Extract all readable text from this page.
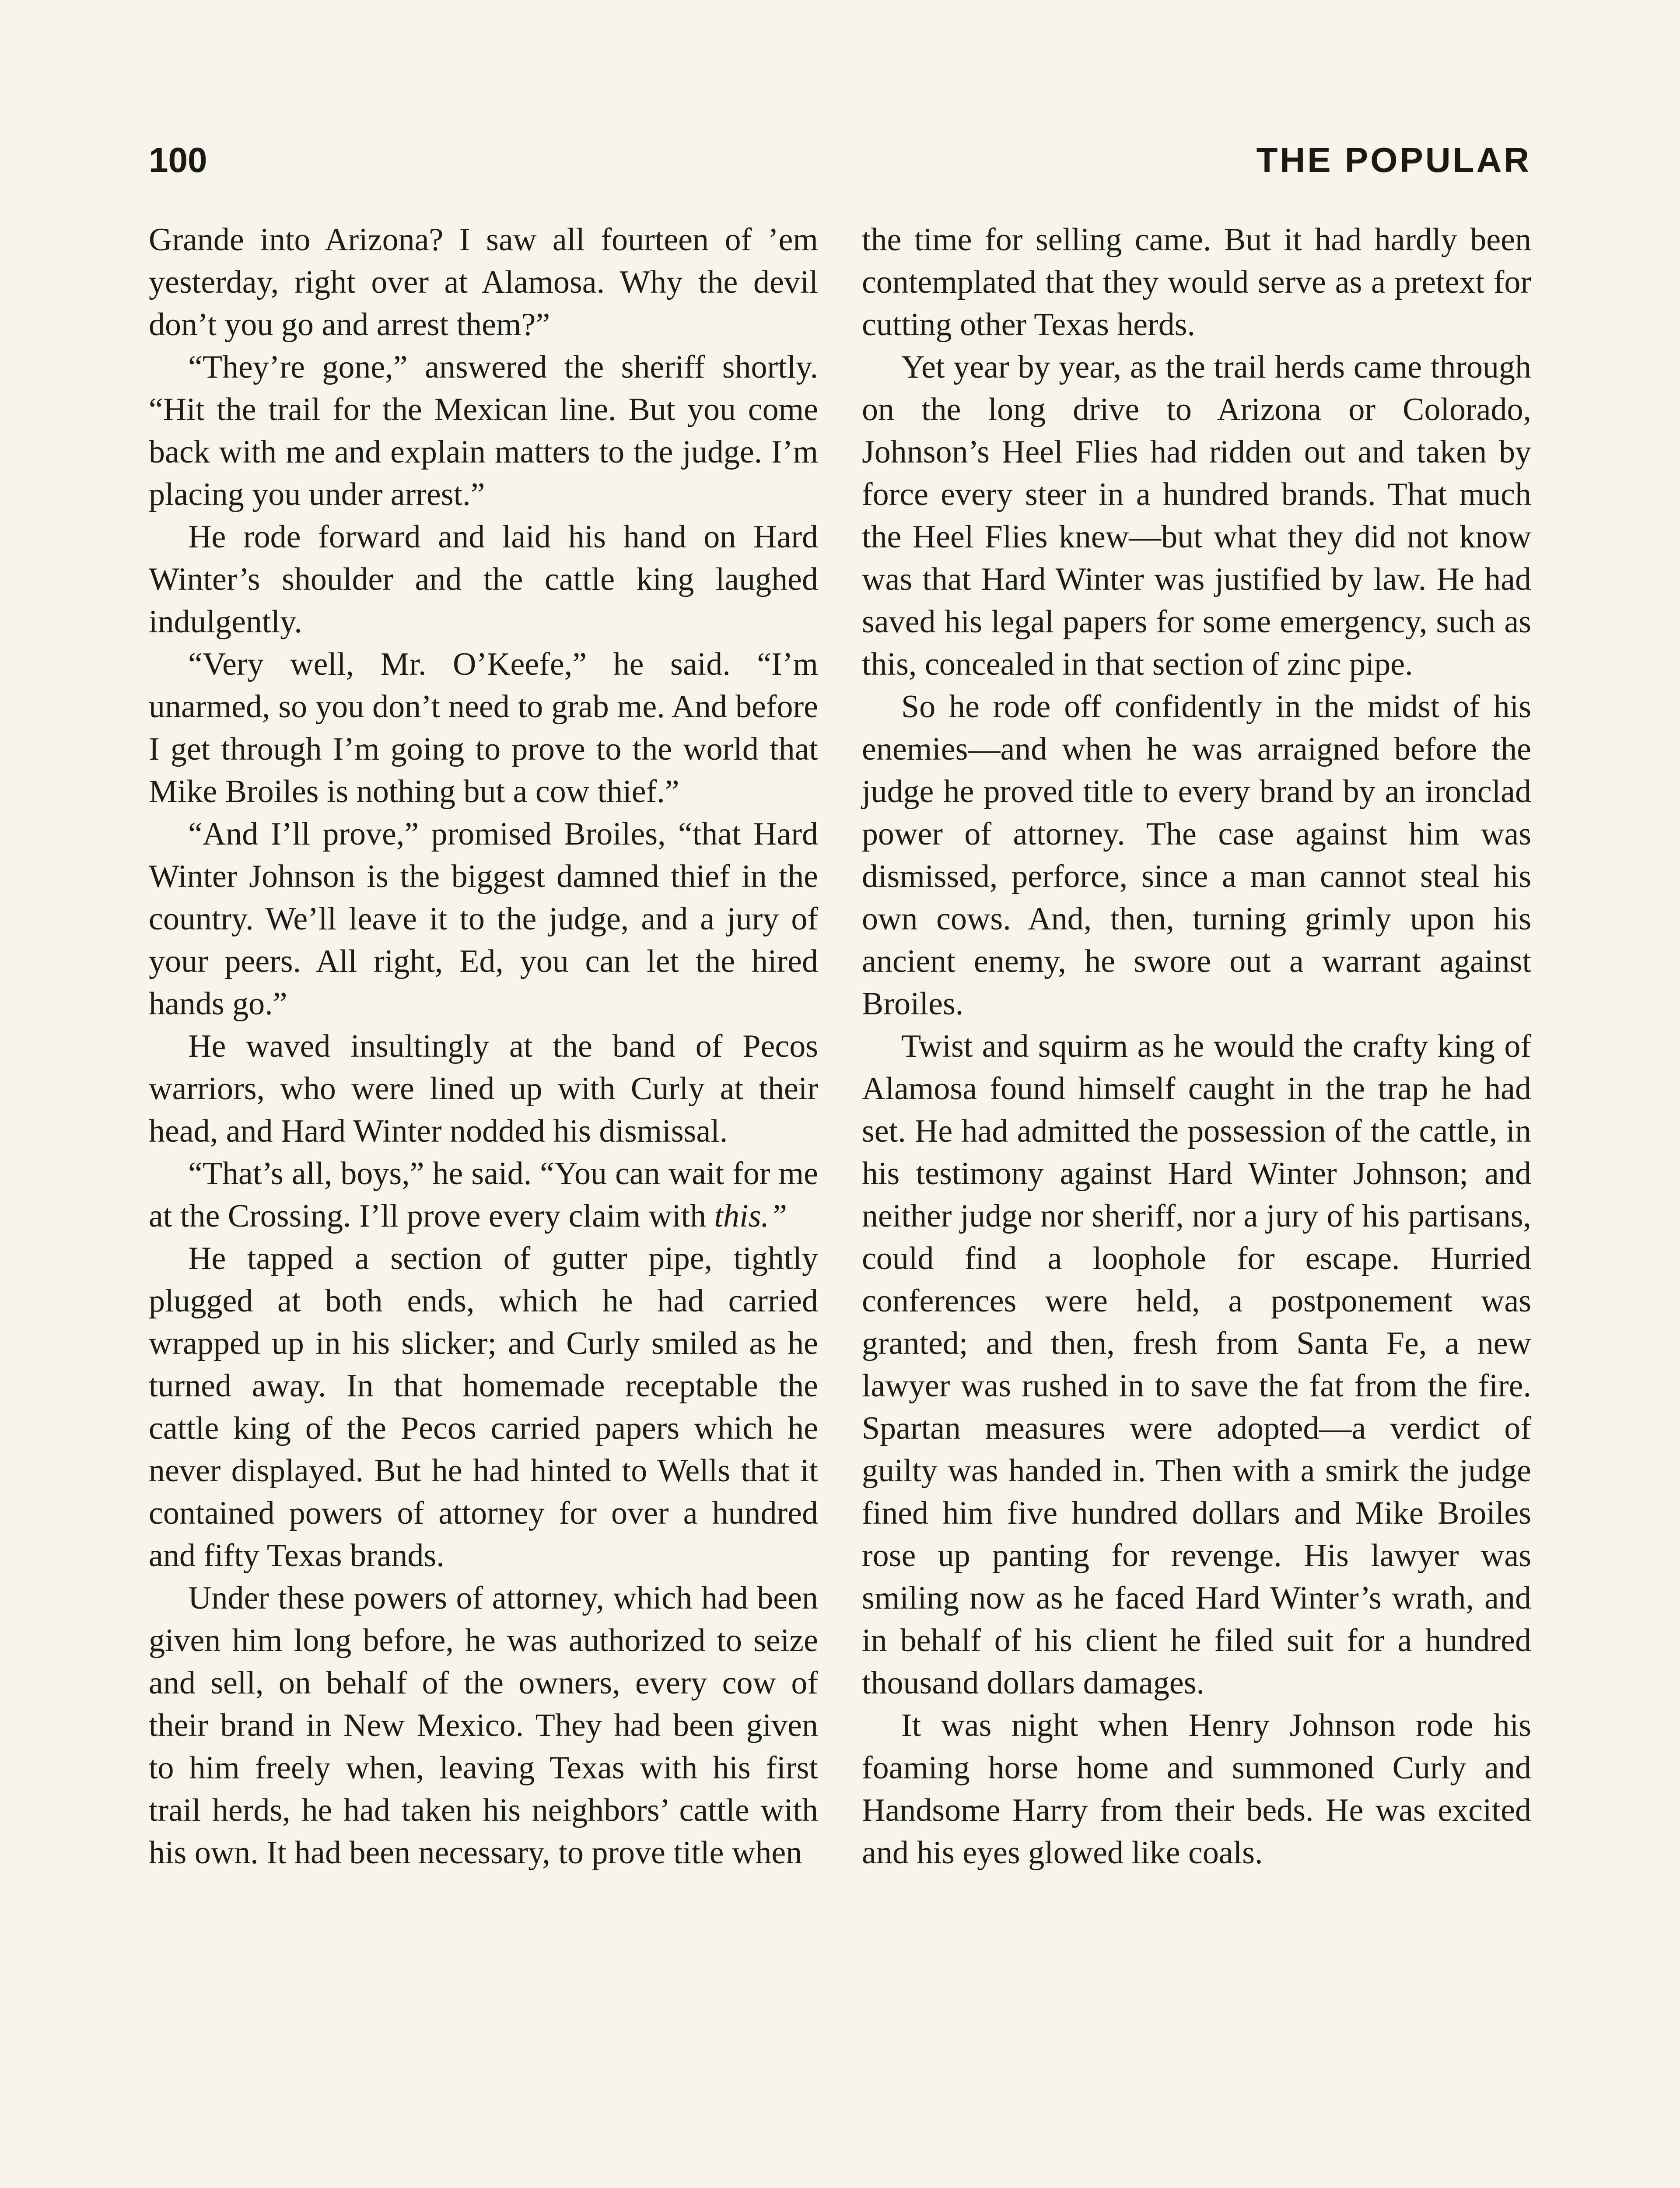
100	THE POPULAR

Grande into Arizona? I saw all fourteen of ’em yesterday, right over at Alamosa. Why the devil don’t you go and arrest them?”

“They’re gone,” answered the sheriff shortly. “Hit the trail for the Mexican line. But you come back with me and explain matters to the judge. I’m placing you under arrest.”

He rode forward and laid his hand on Hard Winter’s shoulder and the cattle king laughed indulgently.

“Very well, Mr. O’Keefe,” he said. “I’m unarmed, so you don’t need to grab me. And before I get through I’m going to prove to the world that Mike Broiles is nothing but a cow thief.”

“And I’ll prove,” promised Broiles, “that Hard Winter Johnson is the biggest damned thief in the country. We’ll leave it to the judge, and a jury of your peers. All right, Ed, you can let the hired hands go.”

He waved insultingly at the band of Pecos warriors, who were lined up with Curly at their head, and Hard Winter nodded his dismissal.

“That’s all, boys,” he said. “You can wait for me at the Crossing. I’ll prove every claim with this.”

He tapped a section of gutter pipe, tightly plugged at both ends, which he had carried wrapped up in his slicker; and Curly smiled as he turned away. In that homemade receptable the cattle king of the Pecos carried papers which he never displayed. But he had hinted to Wells that it contained powers of attorney for over a hundred and fifty Texas brands.

Under these powers of attorney, which had been given him long before, he was authorized to seize and sell, on behalf of the owners, every cow of their brand in New Mexico. They had been given to him freely when, leaving Texas with his first trail herds, he had taken his neighbors’ cattle with his own. It had been necessary, to prove title when

the time for selling came. But it had hardly been contemplated that they would serve as a pretext for cutting other Texas herds.

Yet year by year, as the trail herds came through on the long drive to Arizona or Colorado, Johnson’s Heel Flies had ridden out and taken by force every steer in a hundred brands. That much the Heel Flies knew—but what they did not know was that Hard Winter was justified by law. He had saved his legal papers for some emergency, such as this, concealed in that section of zinc pipe.

So he rode off confidently in the midst of his enemies—and when he was arraigned before the judge he proved title to every brand by an ironclad power of attorney. The case against him was dismissed, perforce, since a man cannot steal his own cows. And, then, turning grimly upon his ancient enemy, he swore out a warrant against Broiles.

Twist and squirm as he would the crafty king of Alamosa found himself caught in the trap he had set. He had admitted the possession of the cattle, in his testimony against Hard Winter Johnson; and neither judge nor sheriff, nor a jury of his partisans, could find a loophole for escape. Hurried conferences were held, a postponement was granted; and then, fresh from Santa Fe, a new lawyer was rushed in to save the fat from the fire. Spartan measures were adopted—a verdict of guilty was handed in. Then with a smirk the judge fined him five hundred dollars and Mike Broiles rose up panting for revenge. His lawyer was smiling now as he faced Hard Winter’s wrath, and in behalf of his client he filed suit for a hundred thousand dollars damages.

It was night when Henry Johnson rode his foaming horse home and summoned Curly and Handsome Harry from their beds. He was excited and his eyes glowed like coals.
